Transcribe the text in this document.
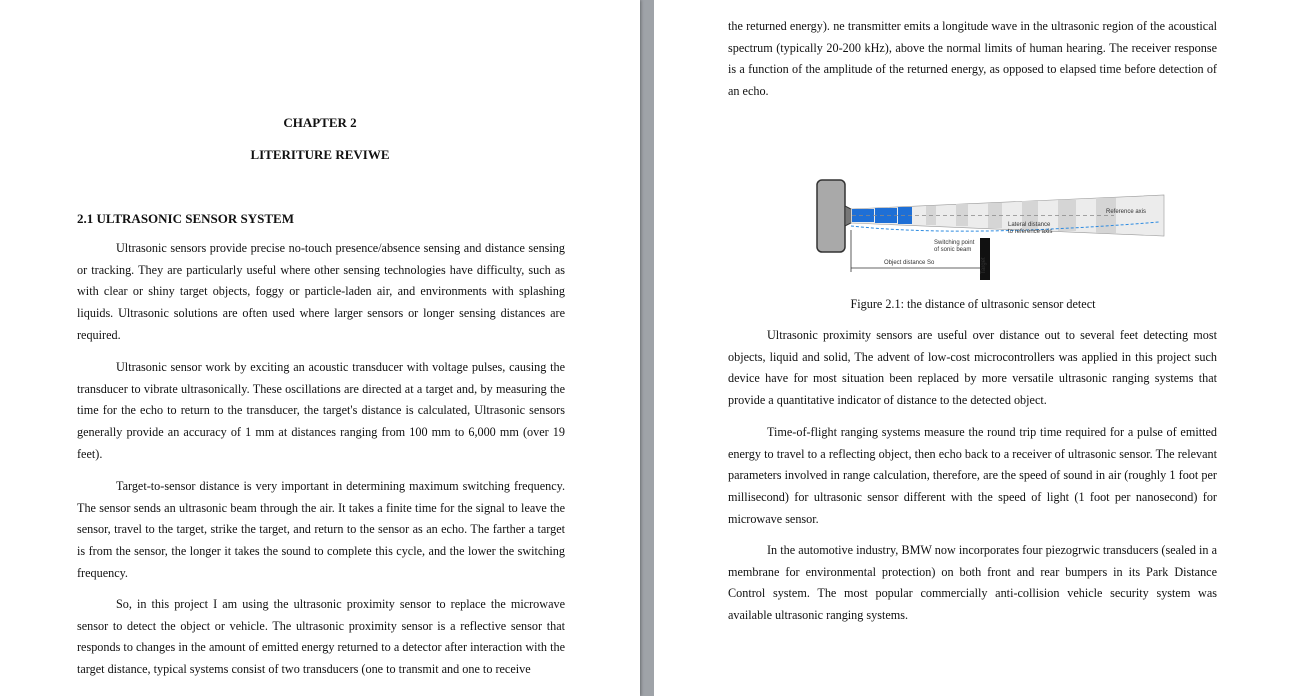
CHAPTER 2
LITERITURE REVIWE
2.1 ULTRASONIC SENSOR SYSTEM
Ultrasonic sensors provide precise no-touch presence/absence sensing and distance sensing or tracking. They are particularly useful where other sensing technologies have difficulty, such as with clear or shiny target objects, foggy or particle-laden air, and environments with splashing liquids. Ultrasonic solutions are often used where larger sensors or longer sensing distances are required.
Ultrasonic sensor work by exciting an acoustic transducer with voltage pulses, causing the transducer to vibrate ultrasonically. These oscillations are directed at a target and, by measuring the time for the echo to return to the transducer, the target's distance is calculated, Ultrasonic sensors generally provide an accuracy of 1 mm at distances ranging from 100 mm to 6,000 mm (over 19 feet).
Target-to-sensor distance is very important in determining maximum switching frequency. The sensor sends an ultrasonic beam through the air. It takes a finite time for the signal to leave the sensor, travel to the target, strike the target, and return to the sensor as an echo. The farther a target is from the sensor, the longer it takes the sound to complete this cycle, and the lower the switching frequency.
So, in this project I am using the ultrasonic proximity sensor to replace the microwave sensor to detect the object or vehicle. The ultrasonic proximity sensor is a reflective sensor that responds to changes in the amount of emitted energy returned to a detector after interaction with the target distance, typical systems consist of two transducers (one to transmit and one to receive
the returned energy). ne transmitter emits a longitude wave in the ultrasonic region of the acoustical spectrum (typically 20-200 kHz), above the normal limits of human hearing. The receiver response is a function of the amplitude of the returned energy, as opposed to elapsed time before detection of an echo.
Target
Object distance So
Switching point
of sonic beam
Lateral distance
to reference axis
Reference axis
Figure 2.1: the distance of ultrasonic sensor detect
Ultrasonic proximity sensors are useful over distance out to several feet detecting most objects, liquid and solid, The advent of low-cost microcontrollers was applied in this project such device have for most situation been replaced by more versatile ultrasonic ranging systems that provide a quantitative indicator of distance to the detected object.
Time-of-flight ranging systems measure the round trip time required for a pulse of emitted energy to travel to a reflecting object, then echo back to a receiver of ultrasonic sensor. The relevant parameters involved in range calculation, therefore, are the speed of sound in air (roughly 1 foot per millisecond) for ultrasonic sensor different with the speed of light (1 foot per nanosecond) for microwave sensor.
In the automotive industry, BMW now incorporates four piezogrwic transducers (sealed in a membrane for environmental protection) on both front and rear bumpers in its Park Distance Control system. The most popular commercially anti-collision vehicle security system was available ultrasonic ranging systems.
